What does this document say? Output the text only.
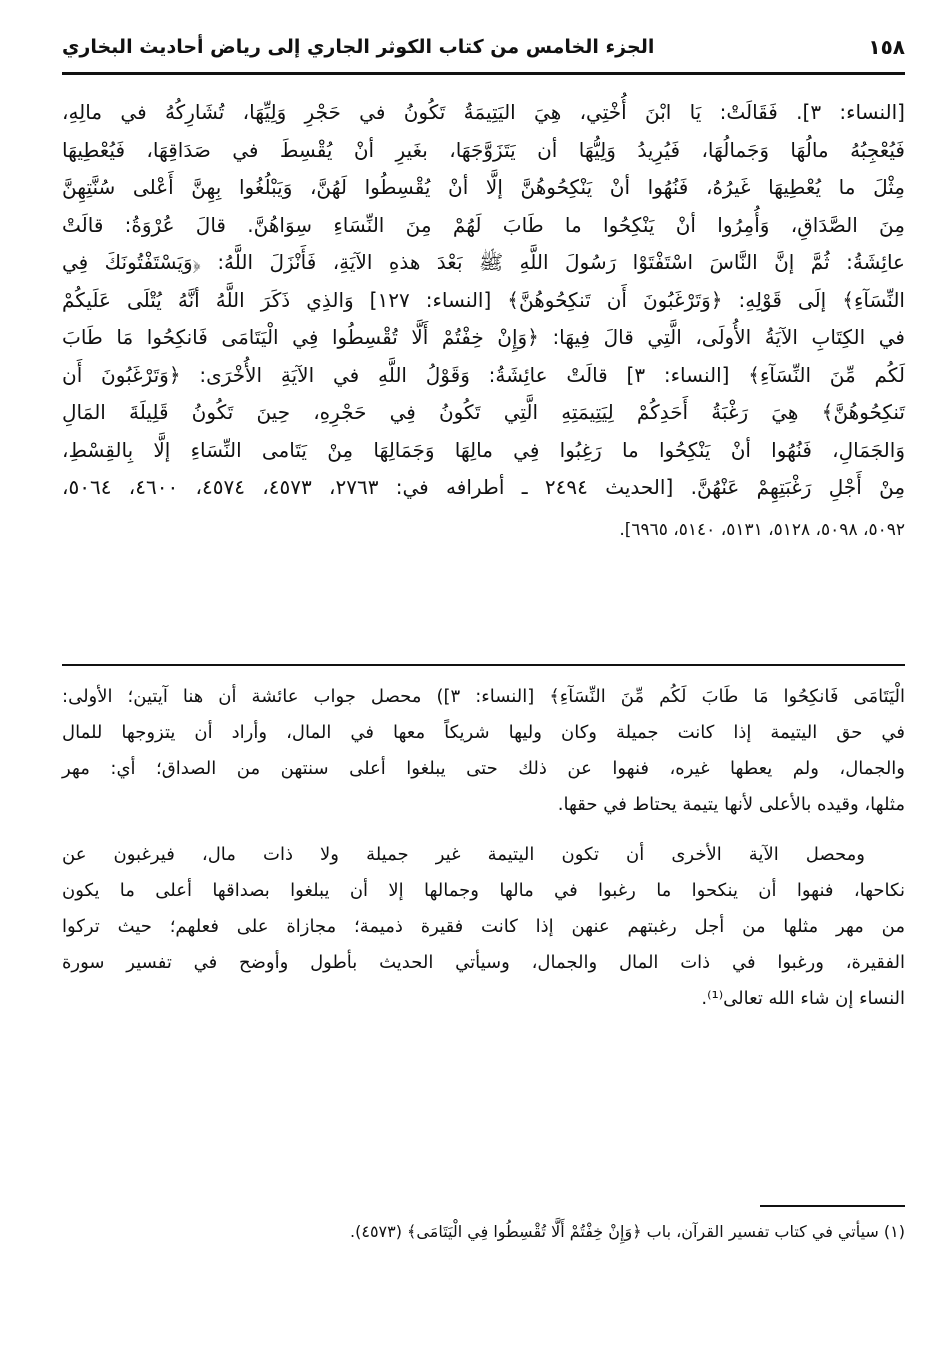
١٥٨
الجزء الخامس من كتاب الكوثر الجاري إلى رياض أحاديث البخاري
[النساء: ٣]. فَقَالَتْ: يَا ابْنَ أُخْتِي، هِيَ اليَتِيمَةُ تَكُونُ في حَجْرِ وَلِيِّهَا، تُشَارِكُهُ في مالِهِ،
فَيُعْجِبُهُ مالُهَا وَجَمالُهَا، فَيُرِيدُ وَلِيُّهَا أن يَتَزَوَّجَهَا، بغَيرِ أنْ يُقْسِطَ في صَدَاقِهَا، فَيُعْطِيهَا
مِثْلَ ما يُعْطِيهَا غَيرُهُ، فَنُهُوا أنْ يَنْكِحُوهُنَّ إلَّا أنْ يُقْسِطُوا لَهُنَّ، وَيَبْلُغُوا بِهِنَّ أَعْلى سُنَّتِهِنَّ
مِنَ الصَّدَاقِ، وَأُمِرُوا أنْ يَنْكِحُوا ما طَابَ لَهُمْ مِنَ النِّسَاءِ سِوَاهُنَّ. قالَ عُرْوَةُ: قالَتْ
عائِشَةُ: ثُمَّ إنَّ النَّاسَ اسْتَفْتَوْا رَسُولَ اللَّهِ ﷺ بَعْدَ هذهِ الآيَةِ، فَأَنْزَلَ اللَّهُ: ﴿وَيَسْتَفْتُونَكَ فِي
النِّسَآءِ﴾ إلَى قَوْلِهِ: ﴿وَتَرْغَبُونَ أَن تَنكِحُوهُنَّ﴾ [النساء: ١٢٧] وَالذِي ذَكَرَ اللَّهُ أنَّهُ يُتْلَى عَلَيكُمْ
في الكِتَابِ الآيَةُ الأُولَى، الَّتِي قالَ فِيهَا: ﴿وَإِنْ خِفْتُمْ أَلَّا تُقْسِطُوا فِي الْيَتَامَى فَانكِحُوا مَا طَابَ
لَكُم مِّنَ النِّسَآءِ﴾ [النساء: ٣] قالَتْ عائِشَةُ: وَقَوْلُ اللَّهِ في الآيَةِ الأُخْرَى: ﴿وَتَرْغَبُونَ أَن
تَنكِحُوهُنَّ﴾ هِيَ رَغْبَةُ أَحَدِكُمْ لِيَتِيمَتِهِ الَّتِي تَكُونُ فِي حَجْرِهِ، حِينَ تَكُونُ قَلِيلَةَ المَالِ
وَالجَمَالِ، فَنُهُوا أنْ يَنْكِحُوا ما رَغِبُوا فِي مالِهَا وَجَمَالِهَا مِنْ يَتَامى النِّسَاءِ إلَّا بِالقِسْطِ،
مِنْ أَجْلِ رَغْبَتِهِمْ عَنْهُنَّ. [الحديث ٢٤٩٤ ـ أطرافه في: ٢٧٦٣، ٤٥٧٣، ٤٥٧٤، ٤٦٠٠، ٥٠٦٤،
٥٠٩٢، ٥٠٩٨، ٥١٢٨، ٥١٣١، ٥١٤٠، ٦٩٦٥].
الْيَتَامَى فَانكِحُوا مَا طَابَ لَكُم مِّنَ النِّسَآءِ﴾ [النساء: ٣]) محصل جواب عائشة أن هنا آيتين؛ الأولى:
في حق اليتيمة إذا كانت جميلة وكان وليها شريكاً معها في المال، وأراد أن يتزوجها للمال
والجمال، ولم يعطها غيره، فنهوا عن ذلك حتى يبلغوا أعلى سنتهن من الصداق؛ أي: مهر
مثلها، وقيده بالأعلى لأنها يتيمة يحتاط في حقها.
ومحصل الآية الأخرى أن تكون اليتيمة غير جميلة ولا ذات مال، فيرغبون عن
نكاحها، فنهوا أن ينكحوا ما رغبوا في مالها وجمالها إلا أن يبلغوا بصداقها أعلى ما يكون
من مهر مثلها من أجل رغبتهم عنهن إذا كانت فقيرة ذميمة؛ مجازاة على فعلهم؛ حيث تركوا
الفقيرة، ورغبوا في ذات المال والجمال، وسيأتي الحديث بأطول وأوضح في تفسير سورة
النساء إن شاء الله تعالى⁽¹⁾.
(١) سيأتي في كتاب تفسير القرآن، باب ﴿وَإِنْ خِفْتُمْ أَلَّا تُقْسِطُوا فِي الْيَتَامَى﴾ (٤٥٧٣).
